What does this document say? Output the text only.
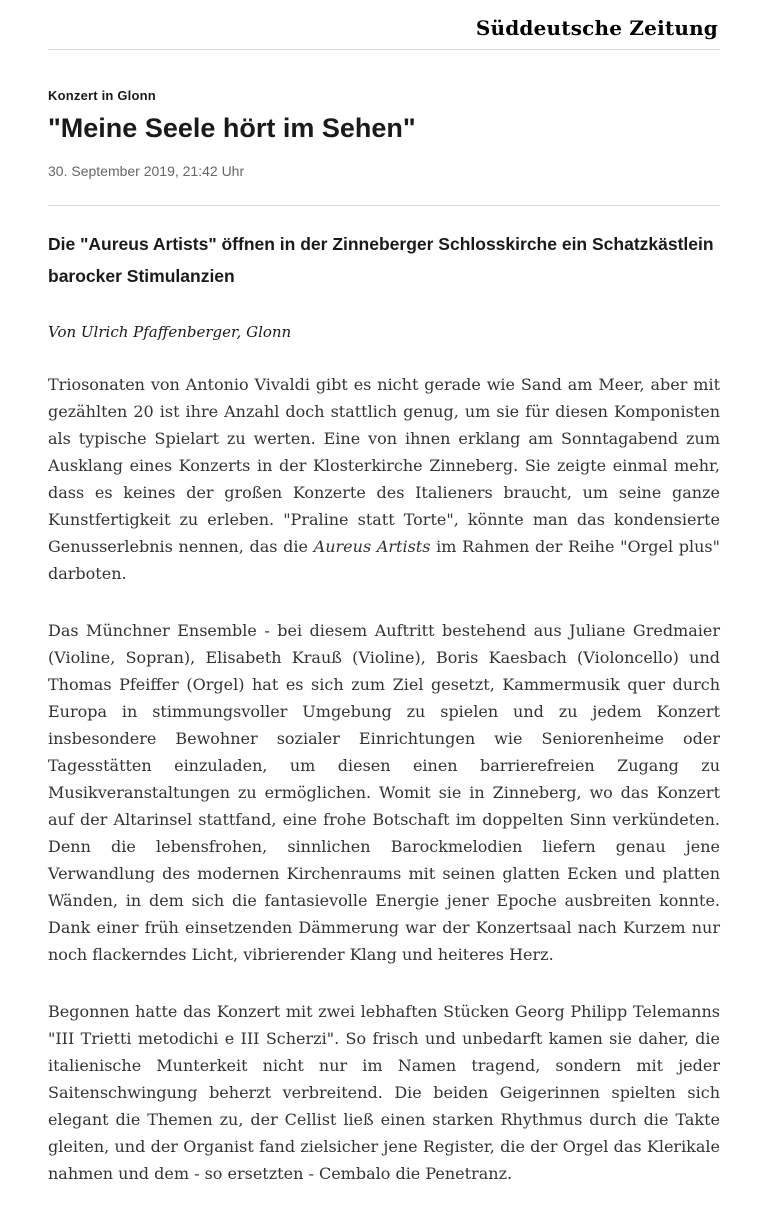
Süddeutsche Zeitung
Konzert in Glonn
"Meine Seele hört im Sehen"
30. September 2019, 21:42 Uhr
Die "Aureus Artists" öffnen in der Zinneberger Schlosskirche ein Schatzkästlein barocker Stimulanzien

Von Ulrich Pfaffenberger, Glonn

Triosonaten von Antonio Vivaldi gibt es nicht gerade wie Sand am Meer, aber mit gezählten 20 ist ihre Anzahl doch stattlich genug, um sie für diesen Komponisten als typische Spielart zu werten. Eine von ihnen erklang am Sonntagabend zum Ausklang eines Konzerts in der Klosterkirche Zinneberg. Sie zeigte einmal mehr, dass es keines der großen Konzerte des Italieners braucht, um seine ganze Kunstfertigkeit zu erleben. "Praline statt Torte", könnte man das kondensierte Genusserlebnis nennen, das die Aureus Artists im Rahmen der Reihe "Orgel plus" darboten.

Das Münchner Ensemble - bei diesem Auftritt bestehend aus Juliane Gredmaier (Violine, Sopran), Elisabeth Krauß (Violine), Boris Kaesbach (Violoncello) und Thomas Pfeiffer (Orgel) hat es sich zum Ziel gesetzt, Kammermusik quer durch Europa in stimmungsvoller Umgebung zu spielen und zu jedem Konzert insbesondere Bewohner sozialer Einrichtungen wie Seniorenheime oder Tagesstätten einzuladen, um diesen einen barrierefreien Zugang zu Musikveranstaltungen zu ermöglichen. Womit sie in Zinneberg, wo das Konzert auf der Altarinsel stattfand, eine frohe Botschaft im doppelten Sinn verkündeten. Denn die lebensfrohen, sinnlichen Barockmelodien liefern genau jene Verwandlung des modernen Kirchenraums mit seinen glatten Ecken und platten Wänden, in dem sich die fantasievolle Energie jener Epoche ausbreiten konnte. Dank einer früh einsetzenden Dämmerung war der Konzertsaal nach Kurzem nur noch flackerndes Licht, vibrierender Klang und heiteres Herz.

Begonnen hatte das Konzert mit zwei lebhaften Stücken Georg Philipp Telemanns "III Trietti metodichi e III Scherzi". So frisch und unbedarft kamen sie daher, die italienische Munterkeit nicht nur im Namen tragend, sondern mit jeder Saitenschwingung beherzt verbreitend. Die beiden Geigerinnen spielten sich elegant die Themen zu, der Cellist ließ einen starken Rhythmus durch die Takte gleiten, und der Organist fand zielsicher jene Register, die der Orgel das Klerikale nahmen und dem - so ersetzten - Cembalo die Penetranz.
